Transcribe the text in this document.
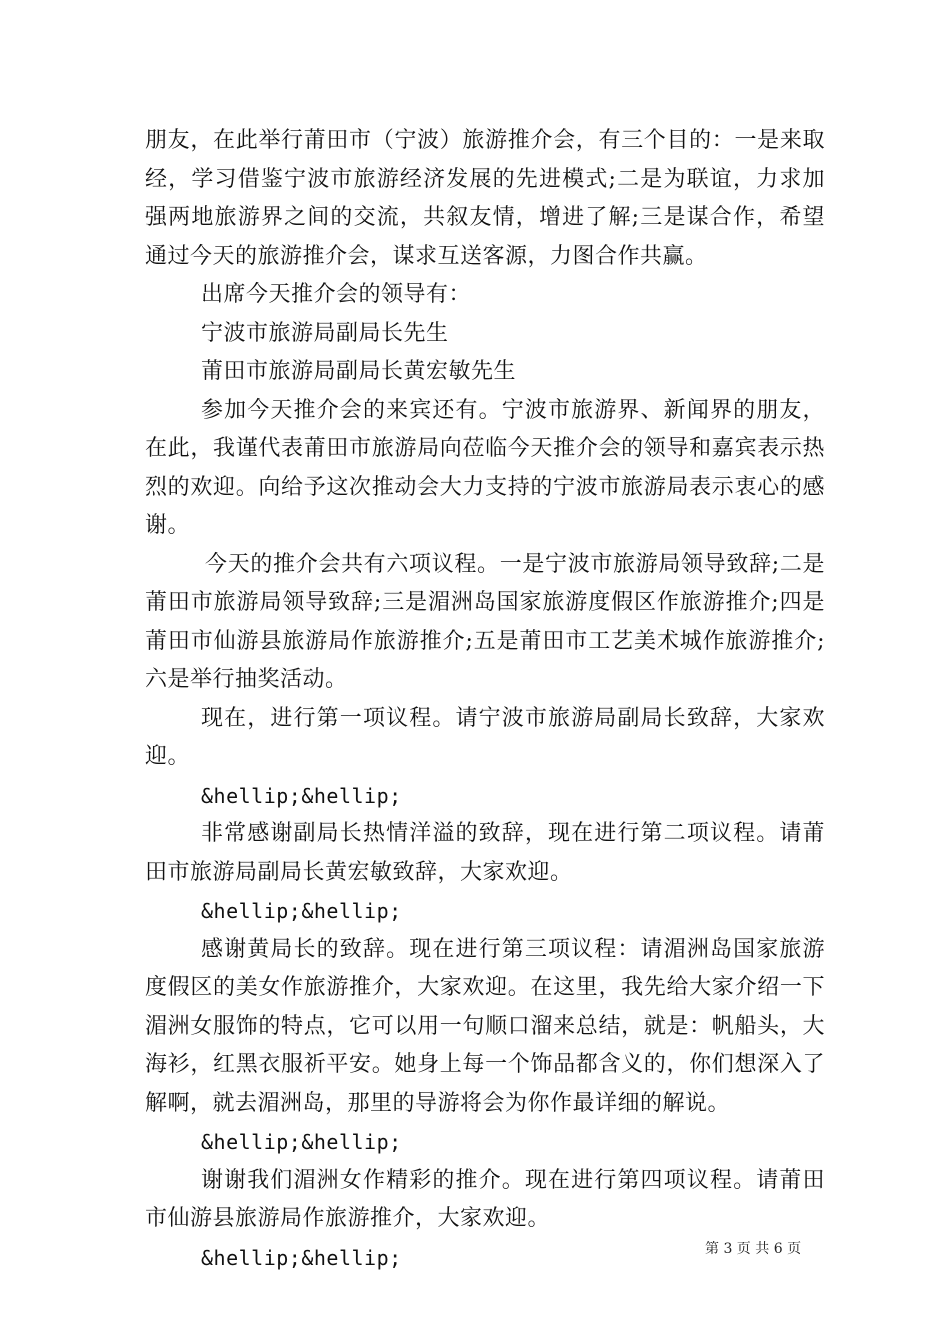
朋友，在此举行莆田市（宁波）旅游推介会，有三个目的：一是来取经，学习借鉴宁波市旅游经济发展的先进模式;二是为联谊，力求加强两地旅游界之间的交流，共叙友情，增进了解;三是谋合作，希望通过今天的旅游推介会，谋求互送客源，力图合作共赢。

出席今天推介会的领导有：

宁波市旅游局副局长先生

莆田市旅游局副局长黄宏敏先生

参加今天推介会的来宾还有。宁波市旅游界、新闻界的朋友，在此，我谨代表莆田市旅游局向莅临今天推介会的领导和嘉宾表示热烈的欢迎。向给予这次推动会大力支持的宁波市旅游局表示衷心的感谢。

今天的推介会共有六项议程。一是宁波市旅游局领导致辞;二是莆田市旅游局领导致辞;三是湄洲岛国家旅游度假区作旅游推介;四是莆田市仙游县旅游局作旅游推介;五是莆田市工艺美术城作旅游推介;六是举行抽奖活动。

现在，进行第一项议程。请宁波市旅游局副局长致辞，大家欢迎。

&hellip;&hellip;

非常感谢副局长热情洋溢的致辞，现在进行第二项议程。请莆田市旅游局副局长黄宏敏致辞，大家欢迎。

&hellip;&hellip;

感谢黄局长的致辞。现在进行第三项议程：请湄洲岛国家旅游度假区的美女作旅游推介，大家欢迎。在这里，我先给大家介绍一下湄洲女服饰的特点，它可以用一句顺口溜来总结，就是：帆船头，大海衫，红黑衣服祈平安。她身上每一个饰品都含义的，你们想深入了解啊，就去湄洲岛，那里的导游将会为你作最详细的解说。

&hellip;&hellip;

谢谢我们湄洲女作精彩的推介。现在进行第四项议程。请莆田市仙游县旅游局作旅游推介，大家欢迎。

&hellip;&hellip;	第 3 页 共 6 页
